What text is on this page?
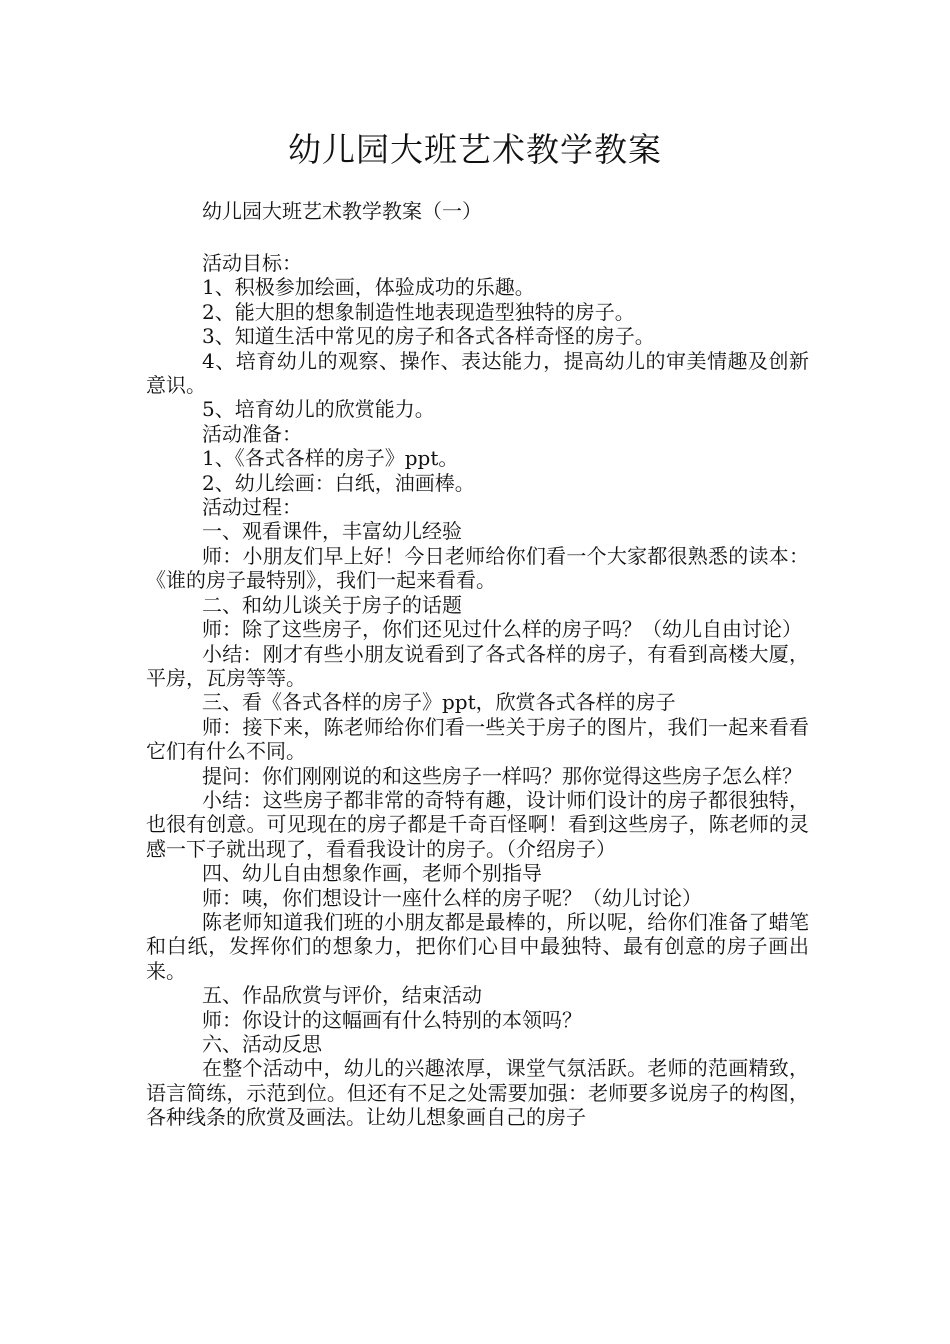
幼儿园大班艺术教学教案
幼儿园大班艺术教学教案（一）

活动目标：

1、积极参加绘画，体验成功的乐趣。

2、能大胆的想象制造性地表现造型独特的房子。

3、知道生活中常见的房子和各式各样奇怪的房子。

4、培育幼儿的观察、操作、表达能力，提高幼儿的审美情趣及创新意识。

5、培育幼儿的欣赏能力。

活动准备：

1、《各式各样的房子》ppt。

2、幼儿绘画：白纸，油画棒。

活动过程：

一、观看课件，丰富幼儿经验

师：小朋友们早上好！今日老师给你们看一个大家都很熟悉的读本：《谁的房子最特别》，我们一起来看看。

二、和幼儿谈关于房子的话题

师：除了这些房子，你们还见过什么样的房子吗？（幼儿自由讨论）

小结：刚才有些小朋友说看到了各式各样的房子，有看到高楼大厦，平房，瓦房等等。

三、看《各式各样的房子》ppt，欣赏各式各样的房子

师：接下来，陈老师给你们看一些关于房子的图片，我们一起来看看它们有什么不同。

提问：你们刚刚说的和这些房子一样吗？那你觉得这些房子怎么样？

小结：这些房子都非常的奇特有趣，设计师们设计的房子都很独特，也很有创意。可见现在的房子都是千奇百怪啊！看到这些房子，陈老师的灵感一下子就出现了，看看我设计的房子。（介绍房子）

四、幼儿自由想象作画，老师个别指导

师：咦，你们想设计一座什么样的房子呢？（幼儿讨论）

陈老师知道我们班的小朋友都是最棒的，所以呢，给你们准备了蜡笔和白纸，发挥你们的想象力，把你们心目中最独特、最有创意的房子画出来。

五、作品欣赏与评价，结束活动

师：你设计的这幅画有什么特别的本领吗？

六、活动反思

在整个活动中，幼儿的兴趣浓厚，课堂气氛活跃。老师的范画精致，语言简练，示范到位。但还有不足之处需要加强：老师要多说房子的构图，各种线条的欣赏及画法。让幼儿想象画自己的房子
